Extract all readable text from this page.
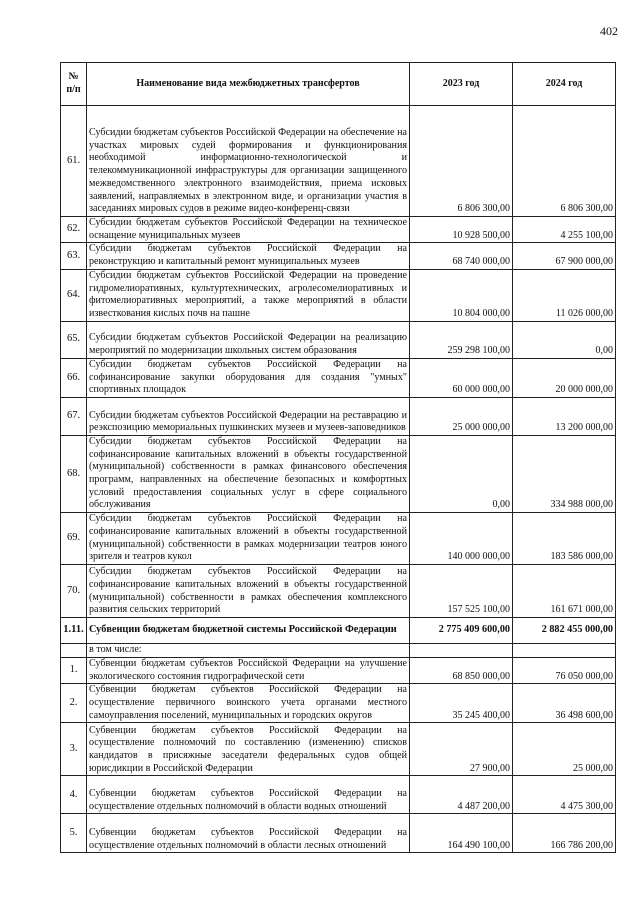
402
№ п/п	Наименование вида межбюджетных трансфертов	2023 год	2024 год
61.	Субсидии бюджетам субъектов Российской Федерации на обеспечение на участках мировых судей формирования и функционирования необходимой информационно-технологической и телекоммуникационной инфраструктуры для организации защищенного межведомственного электронного взаимодействия, приема исковых заявлений, направляемых в электронном виде, и организации участия в заседаниях мировых судов в режиме видео-конференц-связи	6 806 300,00	6 806 300,00
62.	Субсидии бюджетам субъектов Российской Федерации на техническое оснащение муниципальных музеев	10 928 500,00	4 255 100,00
63.	Субсидии бюджетам субъектов Российской Федерации на реконструкцию и капитальный ремонт муниципальных музеев	68 740 000,00	67 900 000,00
64.	Субсидии бюджетам субъектов Российской Федерации на проведение гидромелиоративных, культуртехнических, агролесомелиоративных и фитомелиоративных мероприятий, а также мероприятий в области известкования кислых почв на пашне	10 804 000,00	11 026 000,00
65.	Субсидии бюджетам субъектов Российской Федерации на реализацию мероприятий по модернизации школьных систем образования	259 298 100,00	0,00
66.	Субсидии бюджетам субъектов Российской Федерации на софинансирование закупки оборудования для создания "умных" спортивных площадок	60 000 000,00	20 000 000,00
67.	Субсидии бюджетам субъектов Российской Федерации на реставрацию и реэкспозицию мемориальных пушкинских музеев и музеев-заповедников	25 000 000,00	13 200 000,00
68.	Субсидии бюджетам субъектов Российской Федерации на софинансирование капитальных вложений в объекты государственной (муниципальной) собственности в рамках финансового обеспечения программ, направленных на обеспечение безопасных и комфортных условий предоставления социальных услуг в сфере социального обслуживания	0,00	334 988 000,00
69.	Субсидии бюджетам субъектов Российской Федерации на софинансирование капитальных вложений в объекты государственной (муниципальной) собственности в рамках модернизации театров юного зрителя и театров кукол	140 000 000,00	183 586 000,00
70.	Субсидии бюджетам субъектов Российской Федерации на софинансирование капитальных вложений в объекты государственной (муниципальной) собственности в рамках обеспечения комплексного развития сельских территорий	157 525 100,00	161 671 000,00
1.11.	Субвенции бюджетам бюджетной системы Российской Федерации	2 775 409 600,00	2 882 455 000,00
	в том числе:		
1.	Субвенции бюджетам субъектов Российской Федерации на улучшение экологического состояния гидрографической сети	68 850 000,00	76 050 000,00
2.	Субвенции бюджетам субъектов Российской Федерации на осуществление первичного воинского учета органами местного самоуправления поселений, муниципальных и городских округов	35 245 400,00	36 498 600,00
3.	Субвенции бюджетам субъектов Российской Федерации на осуществление полномочий по составлению (изменению) списков кандидатов в присяжные заседатели федеральных судов общей юрисдикции в Российской Федерации	27 900,00	25 000,00
4.	Субвенции бюджетам субъектов Российской Федерации на осуществление отдельных полномочий в области водных отношений	4 487 200,00	4 475 300,00
5.	Субвенции бюджетам субъектов Российской Федерации на осуществление отдельных полномочий в области лесных отношений	164 490 100,00	166 786 200,00
